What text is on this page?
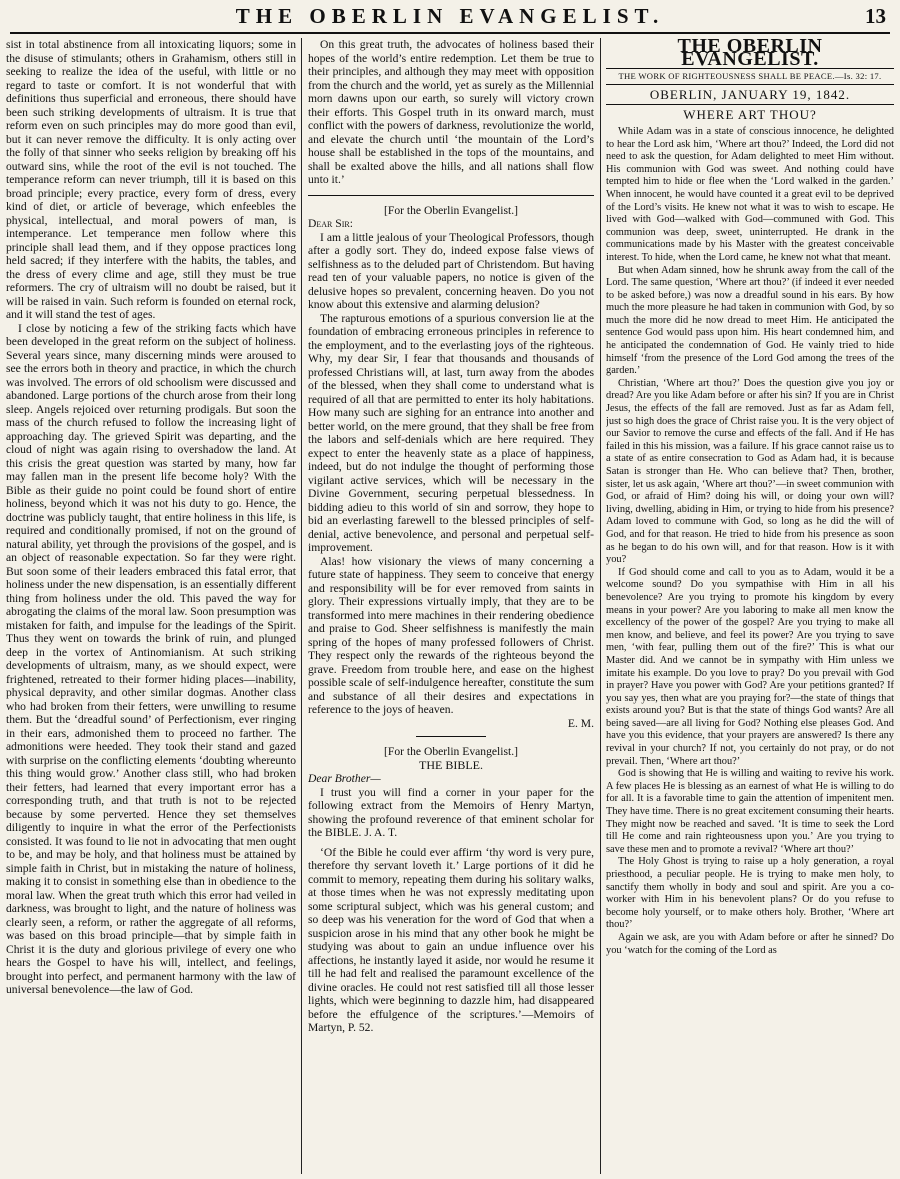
THE OBERLIN EVANGELIST.	13

sist in total abstinence from all intoxicating liquors; some in the disuse of stimulants; others in Grahamism, others still in seeking to realize the idea of the useful, with little or no regard to taste or comfort. It is not wonderful that with definitions thus superficial and erroneous, there should have been such striking developments of ultraism. It is true that reform even on such principles may do more good than evil, but it can never remove the difficulty. It is only acting over the folly of that sinner who seeks religion by breaking off his outward sins, while the root of the evil is not touched. The temperance reform can never triumph, till it is based on this broad principle; every practice, every form of dress, every kind of diet, or article of beverage, which enfeebles the physical, intellectual, and moral powers of man, is intemperance. Let temperance men follow where this principle shall lead them, and if they oppose practices long held sacred; if they interfere with the habits, the tables, and the dress of every clime and age, still they must be true reformers. The cry of ultraism will no doubt be raised, but it will be raised in vain. Such reform is founded on eternal rock, and it will stand the test of ages.

I close by noticing a few of the striking facts which have been developed in the great reform on the subject of holiness. Several years since, many discerning minds were aroused to see the errors both in theory and practice, in which the church was involved. The errors of old schoolism were discussed and abandoned. Large portions of the church arose from their long sleep. Angels rejoiced over returning prodigals. But soon the mass of the church refused to follow the increasing light of approaching day. The grieved Spirit was departing, and the cloud of night was again rising to overshadow the land. At this crisis the great question was started by many, how far may fallen man in the present life become holy? With the Bible as their guide no point could be found short of entire holiness, beyond which it was not his duty to go. Hence, the doctrine was publicly taught, that entire holiness in this life, is required and conditionally promised, if not on the ground of natural ability, yet through the provisions of the gospel, and is an object of reasonable expectation. So far they were right. But soon some of their leaders embraced this fatal error, that holiness under the new dispensation, is an essentially different thing from holiness under the old. This paved the way for abrogating the claims of the moral law. Soon presumption was mistaken for faith, and impulse for the leadings of the Spirit. Thus they went on towards the brink of ruin, and plunged deep in the vortex of Antinomianism. At such striking developments of ultraism, many, as we should expect, were frightened, retreated to their former hiding places—inability, physical depravity, and other similar dogmas. Another class who had broken from their fetters, were unwilling to resume them. But the ‘dreadful sound’ of Perfectionism, ever ringing in their ears, admonished them to proceed no farther. The admonitions were heeded. They took their stand and gazed with surprise on the conflicting elements ‘doubting whereunto this thing would grow.’ Another class still, who had broken their fetters, had learned that every important error has a corresponding truth, and that truth is not to be rejected because by some perverted. Hence they set themselves diligently to inquire in what the error of the Perfectionists consisted. It was found to lie not in advocating that men ought to be, and may be holy, and that holiness must be attained by simple faith in Christ, but in mistaking the nature of holiness, making it to consist in something else than in obedience to the moral law. When the great truth which this error had veiled in darkness, was brought to light, and the nature of holiness was clearly seen, a reform, or rather the aggregate of all reforms, was based on this broad principle—that by simple faith in Christ it is the duty and glorious privilege of every one who hears the Gospel to have his will, intellect, and feelings, brought into perfect, and permanent harmony with the law of universal benevolence—the law of God.

On this great truth, the advocates of holiness based their hopes of the world’s entire redemption. Let them be true to their principles, and although they may meet with opposition from the church and the world, yet as surely as the Millennial morn dawns upon our earth, so surely will victory crown their efforts. This Gospel truth in its onward march, must conflict with the powers of darkness, revolutionize the world, and elevate the church until ‘the mountain of the Lord’s house shall be established in the tops of the mountains, and shall be exalted above the hills, and all nations shall flow unto it.’

[For the Oberlin Evangelist.]

Dear Sir:

I am a little jealous of your Theological Professors, though after a godly sort. They do, indeed expose false views of selfishness as to the deluded part of Christendom. But having read ten of your valuable papers, no notice is given of the delusive hopes so prevalent, concerning heaven. Do you not know about this extensive and alarming delusion?

The rapturous emotions of a spurious conversion lie at the foundation of embracing erroneous principles in reference to the employment, and to the everlasting joys of the righteous. Why, my dear Sir, I fear that thousands and thousands of professed Christians will, at last, turn away from the abodes of the blessed, when they shall come to understand what is required of all that are permitted to enter its holy habitations. How many such are sighing for an entrance into another and better world, on the mere ground, that they shall be free from the labors and self-denials which are here required. They expect to enter the heavenly state as a place of happiness, indeed, but do not indulge the thought of performing those vigilant active services, which will be necessary in the Divine Government, securing perpetual blessedness. In bidding adieu to this world of sin and sorrow, they hope to bid an everlasting farewell to the blessed principles of self-denial, active benevolence, and personal and perpetual self-improvement.

Alas! how visionary the views of many concerning a future state of happiness. They seem to conceive that energy and responsibility will be for ever removed from saints in glory. Their expressions virtually imply, that they are to be transformed into mere machines in their rendering obedience and praise to God. Sheer selfishness is manifestly the main spring of the hopes of many professed followers of Christ. They respect only the rewards of the righteous beyond the grave. Freedom from trouble here, and ease on the highest possible scale of self-indulgence hereafter, constitute the sum and substance of all their desires and expectations in reference to the joys of heaven.

E. M.

[For the Oberlin Evangelist.]

THE BIBLE.

Dear Brother—

I trust you will find a corner in your paper for the following extract from the Memoirs of Henry Martyn, showing the profound reverence of that eminent scholar for the BIBLE. J. A. T.

‘Of the Bible he could ever affirm ‘thy word is very pure, therefore thy servant loveth it.’ Large portions of it did he commit to memory, repeating them during his solitary walks, at those times when he was not expressly meditating upon some scriptural subject, which was his general custom; and so deep was his veneration for the word of God that when a suspicion arose in his mind that any other book he might be studying was about to gain an undue influence over his affections, he instantly layed it aside, nor would he resume it till he had felt and realised the paramount excellence of the divine oracles. He could not rest satisfied till all those lesser lights, which were beginning to dazzle him, had disappeared before the effulgence of the scriptures.’—Memoirs of Martyn, P. 52.

THE OBERLIN EVANGELIST.
THE WORK OF RIGHTEOUSNESS SHALL BE PEACE.—Is. 32: 17.
OBERLIN, JANUARY 19, 1842.
WHERE ART THOU?

While Adam was in a state of conscious innocence, he delighted to hear the Lord ask him, ‘Where art thou?’ Indeed, the Lord did not need to ask the question, for Adam delighted to meet Him without. His communion with God was sweet. And nothing could have tempted him to hide or flee when the ‘Lord walked in the garden.’ When innocent, he would have counted it a great evil to be deprived of the Lord’s visits. He knew not what it was to wish to escape. He lived with God—walked with God—communed with God. This communion was deep, sweet, uninterrupted. He drank in the communications made by his Master with the greatest conceivable interest. To hide, when the Lord came, he knew not what that meant.

But when Adam sinned, how he shrunk away from the call of the Lord. The same question, ‘Where art thou?’ (if indeed it ever needed to be asked before,) was now a dreadful sound in his ears. By how much the more pleasure he had taken in communion with God, by so much the more did he now dread to meet Him. He anticipated the sentence God would pass upon him. His heart condemned him, and he anticipated the condemnation of God. He vainly tried to hide himself ‘from the presence of the Lord God among the trees of the garden.’

Christian, ‘Where art thou?’ Does the question give you joy or dread? Are you like Adam before or after his sin? If you are in Christ Jesus, the effects of the fall are removed. Just as far as Adam fell, just so high does the grace of Christ raise you. It is the very object of our Savior to remove the curse and effects of the fall. And if He has failed in this his mission, was a failure. If his grace cannot raise us to a state of as entire consecration to God as Adam had, it is because Satan is stronger than He. Who can believe that? Then, brother, sister, let us ask again, ‘Where art thou?’—in sweet communion with God, or afraid of Him? doing his will, or doing your own will? living, dwelling, abiding in Him, or trying to hide from his presence? Adam loved to commune with God, so long as he did the will of God, and for that reason. He tried to hide from his presence as soon as he began to do his own will, and for that reason. How is it with you?

If God should come and call to you as to Adam, would it be a welcome sound? Do you sympathise with Him in all his benevolence? Are you trying to promote his kingdom by every means in your power? Are you laboring to make all men know the excellency of the power of the gospel? Are you trying to make all men know, and believe, and feel its power? Are you trying to save men, ‘with fear, pulling them out of the fire?’ This is what our Master did. And we cannot be in sympathy with Him unless we imitate his example. Do you love to pray? Do you prevail with God in prayer? Have you power with God? Are your petitions granted? If you say yes, then what are you praying for?—the state of things that exists around you? But is that the state of things God wants? Are all being saved—are all living for God? Nothing else pleases God. And have you this evidence, that your prayers are answered? Is there any revival in your church? If not, you certainly do not pray, or do not prevail. Then, ‘Where art thou?’

God is showing that He is willing and waiting to revive his work. A few places He is blessing as an earnest of what He is willing to do for all. It is a favorable time to gain the attention of impenitent men. They have time. There is no great excitement consuming their hearts. They might now be reached and saved. ‘It is time to seek the Lord till He come and rain righteousness upon you.’ Are you trying to save these men and to promote a revival? ‘Where art thou?’

The Holy Ghost is trying to raise up a holy generation, a royal priesthood, a peculiar people. He is trying to make men holy, to sanctify them wholly in body and soul and spirit. Are you a co-worker with Him in his benevolent plans? Or do you refuse to become holy yourself, or to make others holy. Brother, ‘Where art thou?’

Again we ask, are you with Adam before or after he sinned? Do you ‘watch for the coming of the Lord as
